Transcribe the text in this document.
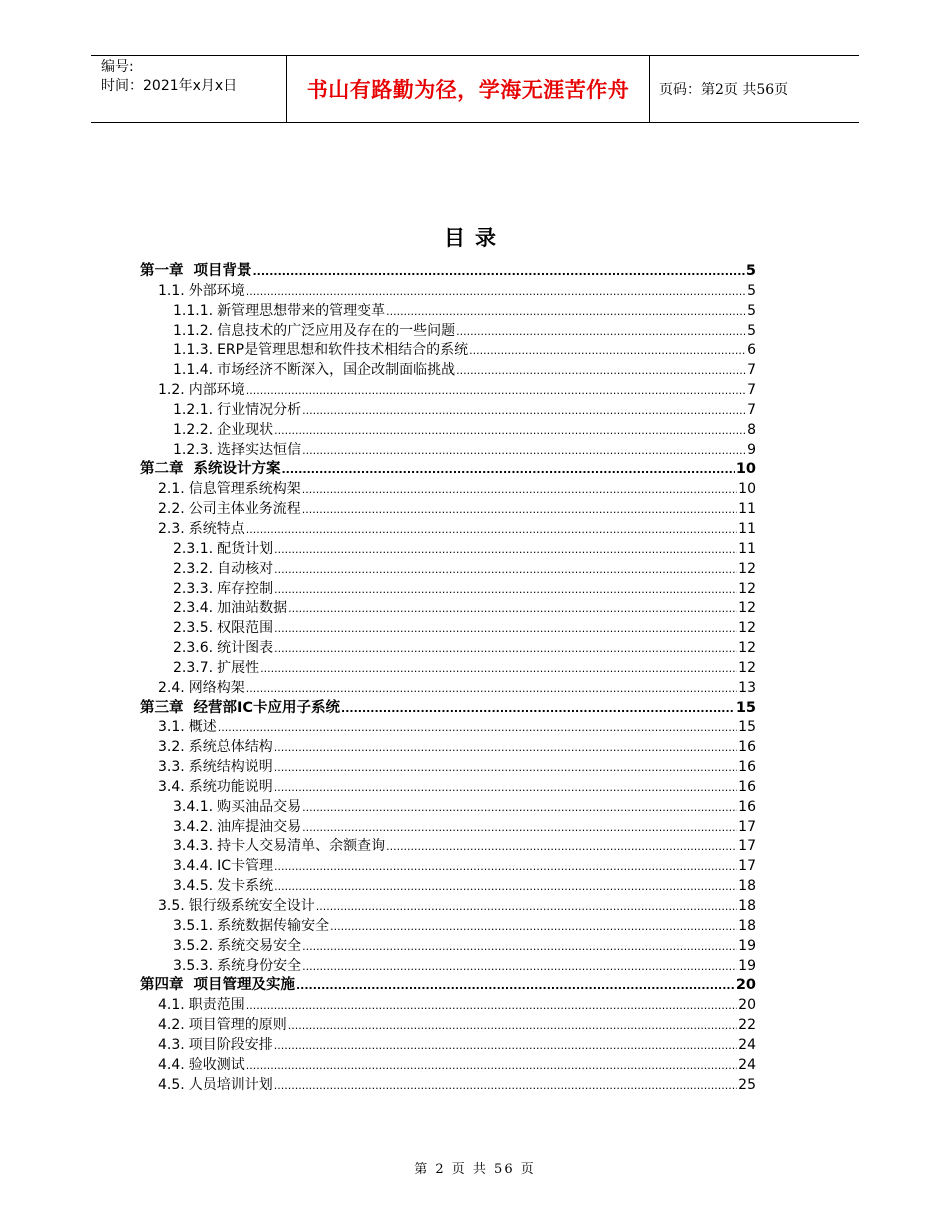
编号:
时间：2021年x月x日	书山有路勤为径，学海无涯苦作舟	页码：第2页 共56页
目录
第一章 项目背景 .....	5
1.1. 外部环境 .....	5
1.1.1. 新管理思想带来的管理变革 .....	5
1.1.2. 信息技术的广泛应用及存在的一些问题 .....	5
1.1.3. ERP是管理思想和软件技术相结合的系统 .....	6
1.1.4. 市场经济不断深入，国企改制面临挑战 .....	7
1.2. 内部环境 .....	7
1.2.1. 行业情况分析 .....	7
1.2.2. 企业现状 .....	8
1.2.3. 选择实达恒信 .....	9
第二章 系统设计方案 .....	10
2.1. 信息管理系统构架 .....	10
2.2. 公司主体业务流程 .....	11
2.3. 系统特点 .....	11
2.3.1. 配货计划 .....	11
2.3.2. 自动核对 .....	12
2.3.3. 库存控制 .....	12
2.3.4. 加油站数据 .....	12
2.3.5. 权限范围 .....	12
2.3.6. 统计图表 .....	12
2.3.7. 扩展性 .....	12
2.4. 网络构架 .....	13
第三章 经营部IC卡应用子系统 .....	15
3.1. 概述 .....	15
3.2. 系统总体结构 .....	16
3.3. 系统结构说明 .....	16
3.4. 系统功能说明 .....	16
3.4.1. 购买油品交易 .....	16
3.4.2. 油库提油交易 .....	17
3.4.3. 持卡人交易清单、余额查询 .....	17
3.4.4. IC卡管理 .....	17
3.4.5. 发卡系统 .....	18
3.5. 银行级系统安全设计 .....	18
3.5.1. 系统数据传输安全 .....	18
3.5.2. 系统交易安全 .....	19
3.5.3. 系统身份安全 .....	19
第四章 项目管理及实施 .....	20
4.1. 职责范围 .....	20
4.2. 项目管理的原则 .....	22
4.3. 项目阶段安排 .....	24
4.4. 验收测试 .....	24
4.5. 人员培训计划 .....	25
第 2 页 共 56 页
